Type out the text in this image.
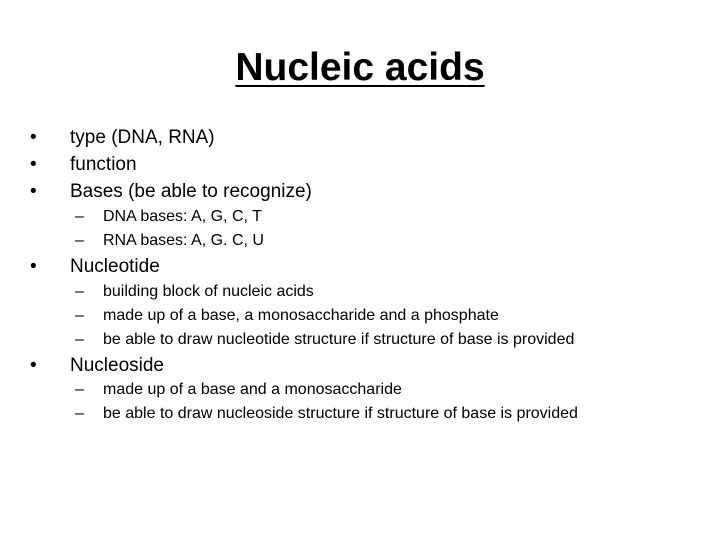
Nucleic acids
• type (DNA, RNA)
• function
• Bases (be able to recognize)
– DNA bases: A, G, C, T
– RNA bases: A, G. C, U
• Nucleotide
– building block of nucleic acids
– made up of a base, a monosaccharide and a phosphate
– be able to draw nucleotide structure if structure of base is provided
• Nucleoside
– made up of a base and a monosaccharide
– be able to draw nucleoside structure if structure of base is provided
